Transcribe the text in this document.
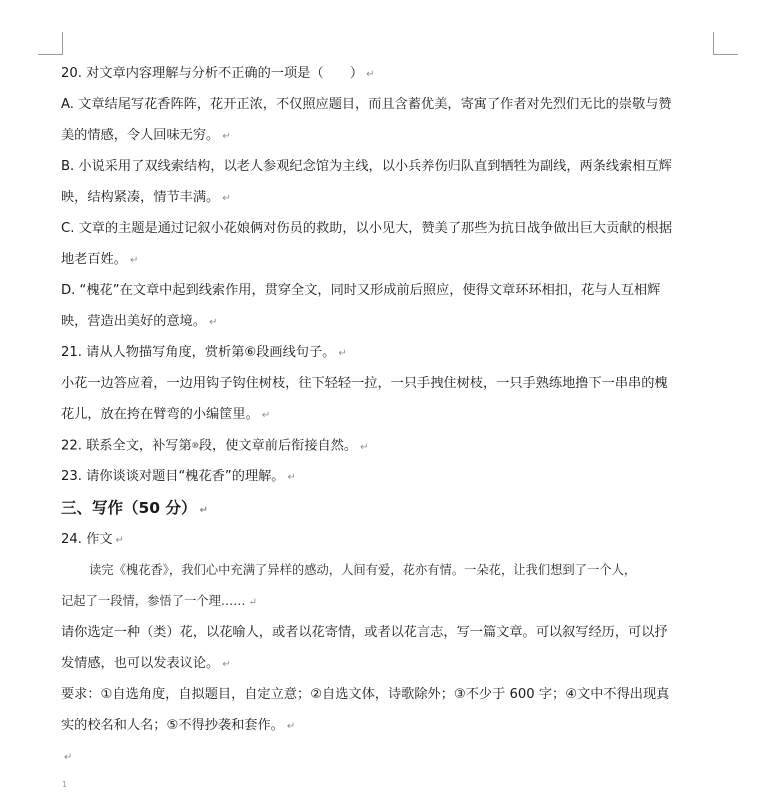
20. 对文章内容理解与分析不正确的一项是（　　） ↵
A. 文章结尾写花香阵阵，花开正浓，不仅照应题目，而且含蓄优美，寄寓了作者对先烈们无比的崇敬与赞
美的情感，令人回味无穷。 ↵
B. 小说采用了双线索结构，以老人参观纪念馆为主线，以小兵养伤归队直到牺牲为副线，两条线索相互辉
映，结构紧凑，情节丰满。 ↵
C. 文章的主题是通过记叙小花娘俩对伤员的救助，以小见大，赞美了那些为抗日战争做出巨大贡献的根据
地老百姓。 ↵
D. “槐花”在文章中起到线索作用，贯穿全文，同时又形成前后照应，使得文章环环相扣，花与人互相辉
映，营造出美好的意境。 ↵
21. 请从人物描写角度，赏析第⑥段画线句子。 ↵
小花一边答应着，一边用钩子钩住树枝，往下轻轻一拉，一只手拽住树枝，一只手熟练地撸下一串串的槐
花儿，放在挎在臂弯的小编筐里。 ↵
22. 联系全文，补写第⑩段，使文章前后衔接自然。 ↵
23. 请你谈谈对题目“槐花香”的理解。 ↵
三、写作（50 分） ↵
24. 作文 ↵
读完《槐花香》，我们心中充满了异样的感动，人间有爱，花亦有情。一朵花，让我们想到了一个人，
记起了一段情，参悟了一个理…… ↵
请你选定一种（类）花，以花喻人，或者以花寄情，或者以花言志，写一篇文章。可以叙写经历，可以抒
发情感，也可以发表议论。 ↵
要求：①自选角度，自拟题目，自定立意；②自选文体，诗歌除外；③不少于 600 字；④文中不得出现真
实的校名和人名；⑤不得抄袭和套作。 ↵
↵
1
